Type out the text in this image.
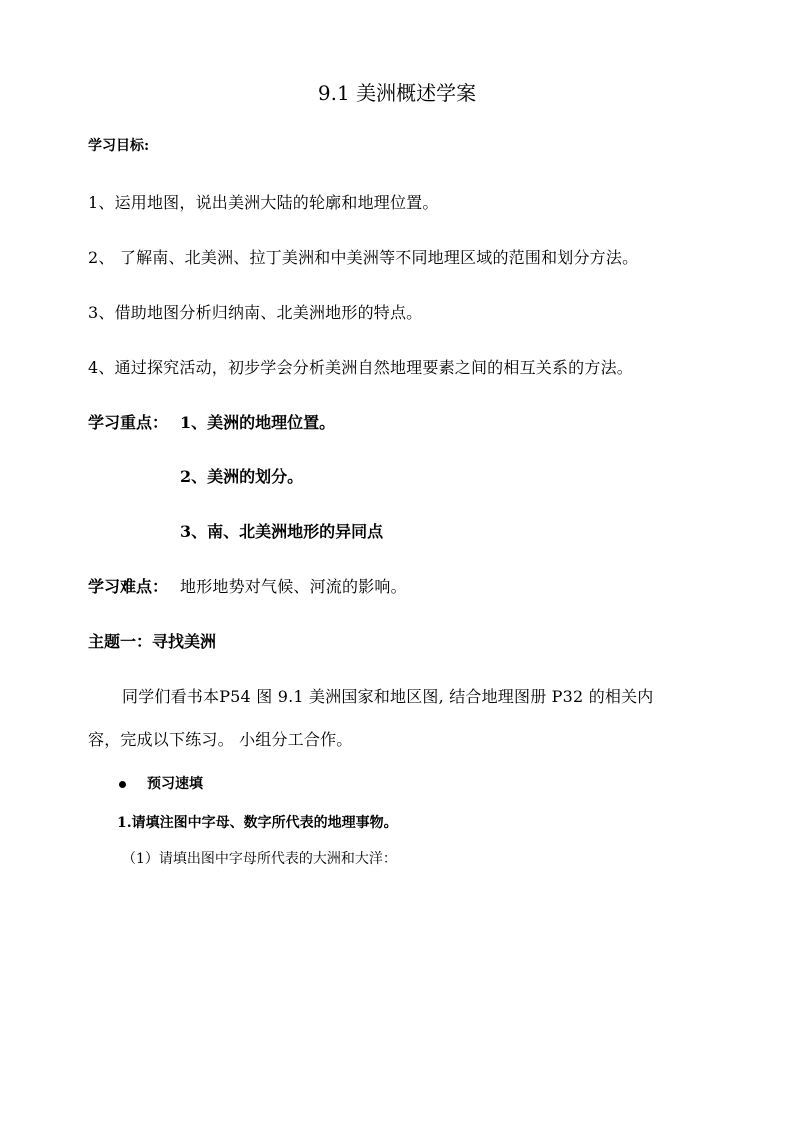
9.1 美洲概述学案
学习目标:
1、运用地图，说出美洲大陆的轮廓和地理位置。
2、 了解南、北美洲、拉丁美洲和中美洲等不同地理区域的范围和划分方法。
3、借助地图分析归纳南、北美洲地形的特点。
4、通过探究活动，初步学会分析美洲自然地理要素之间的相互关系的方法。
学习重点： 1、美洲的地理位置。
2、美洲的划分。
3、南、北美洲地形的异同点
学习难点： 地形地势对气候、河流的影响。
主题一：寻找美洲
同学们看书本P54 图 9.1 美洲国家和地区图, 结合地理图册 P32 的相关内
容，完成以下练习。 小组分工合作。
预习速填
1.请填注图中字母、数字所代表的地理事物。
（1）请填出图中字母所代表的大洲和大洋：
